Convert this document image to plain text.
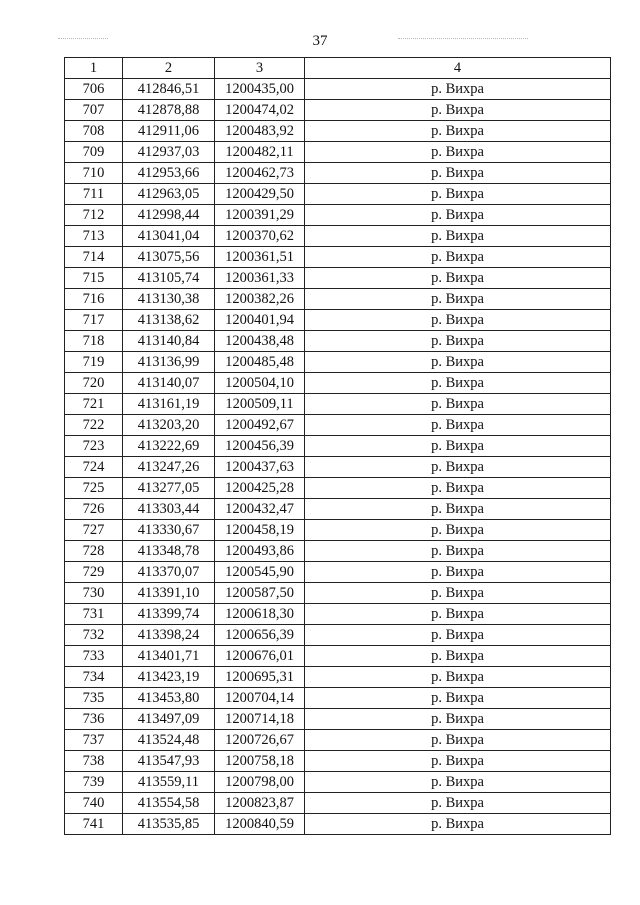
37
1	2	3	4
706	412846,51	1200435,00	р. Вихра
707	412878,88	1200474,02	р. Вихра
708	412911,06	1200483,92	р. Вихра
709	412937,03	1200482,11	р. Вихра
710	412953,66	1200462,73	р. Вихра
711	412963,05	1200429,50	р. Вихра
712	412998,44	1200391,29	р. Вихра
713	413041,04	1200370,62	р. Вихра
714	413075,56	1200361,51	р. Вихра
715	413105,74	1200361,33	р. Вихра
716	413130,38	1200382,26	р. Вихра
717	413138,62	1200401,94	р. Вихра
718	413140,84	1200438,48	р. Вихра
719	413136,99	1200485,48	р. Вихра
720	413140,07	1200504,10	р. Вихра
721	413161,19	1200509,11	р. Вихра
722	413203,20	1200492,67	р. Вихра
723	413222,69	1200456,39	р. Вихра
724	413247,26	1200437,63	р. Вихра
725	413277,05	1200425,28	р. Вихра
726	413303,44	1200432,47	р. Вихра
727	413330,67	1200458,19	р. Вихра
728	413348,78	1200493,86	р. Вихра
729	413370,07	1200545,90	р. Вихра
730	413391,10	1200587,50	р. Вихра
731	413399,74	1200618,30	р. Вихра
732	413398,24	1200656,39	р. Вихра
733	413401,71	1200676,01	р. Вихра
734	413423,19	1200695,31	р. Вихра
735	413453,80	1200704,14	р. Вихра
736	413497,09	1200714,18	р. Вихра
737	413524,48	1200726,67	р. Вихра
738	413547,93	1200758,18	р. Вихра
739	413559,11	1200798,00	р. Вихра
740	413554,58	1200823,87	р. Вихра
741	413535,85	1200840,59	р. Вихра
